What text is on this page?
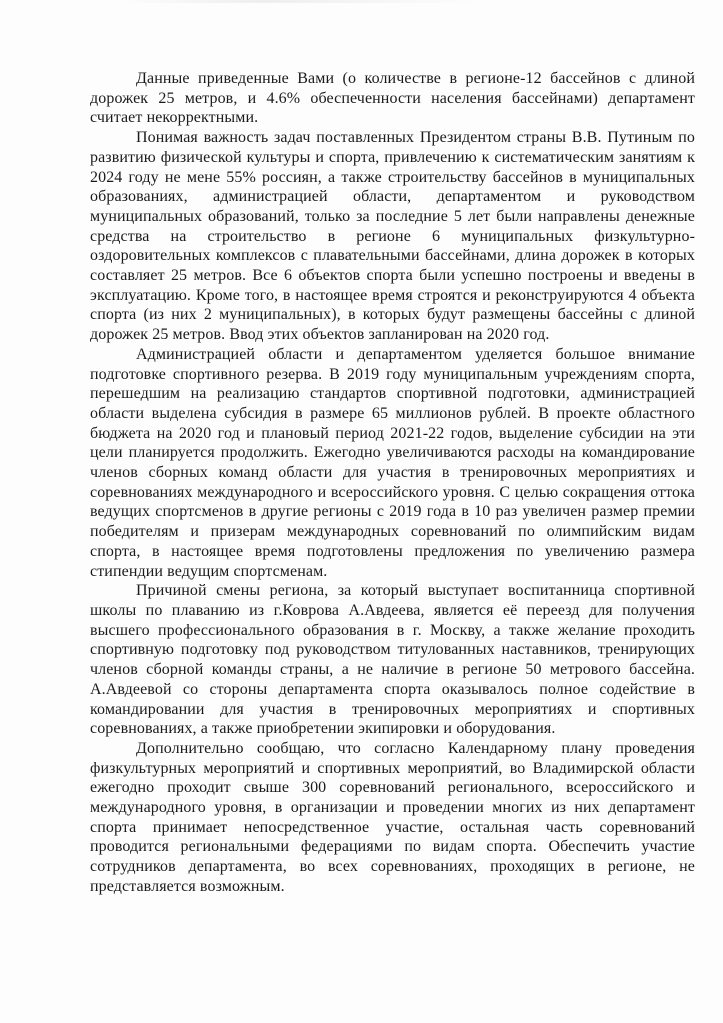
Данные приведенные Вами (о количестве в регионе-12 бассейнов с длиной дорожек 25 метров, и 4.6% обеспеченности населения бассейнами) департамент считает некорректными.

Понимая важность задач поставленных Президентом страны В.В. Путиным по развитию физической культуры и спорта, привлечению к систематическим занятиям к 2024 году не мене 55% россиян, а также строительству бассейнов в муниципальных образованиях, администрацией области, департаментом и руководством муниципальных образований, только за последние 5 лет были направлены денежные средства на строительство в регионе 6 муниципальных физкультурно-оздоровительных комплексов с плавательными бассейнами, длина дорожек в которых составляет 25 метров. Все 6 объектов спорта были успешно построены и введены в эксплуатацию. Кроме того, в настоящее время строятся и реконструируются 4 объекта спорта (из них 2 муниципальных), в которых будут размещены бассейны с длиной дорожек 25 метров. Ввод этих объектов запланирован на 2020 год.

Администрацией области и департаментом уделяется большое внимание подготовке спортивного резерва. В 2019 году муниципальным учреждениям спорта, перешедшим на реализацию стандартов спортивной подготовки, администрацией области выделена субсидия в размере 65 миллионов рублей. В проекте областного бюджета на 2020 год и плановый период 2021-22 годов, выделение субсидии на эти цели планируется продолжить. Ежегодно увеличиваются расходы на командирование членов сборных команд области для участия в тренировочных мероприятиях и соревнованиях международного и всероссийского уровня. С целью сокращения оттока ведущих спортсменов в другие регионы с 2019 года в 10 раз увеличен размер премии победителям и призерам международных соревнований по олимпийским видам спорта, в настоящее время подготовлены предложения по увеличению размера стипендии ведущим спортсменам.

Причиной смены региона, за который выступает воспитанница спортивной школы по плаванию из г.Коврова А.Авдеева, является её переезд для получения высшего профессионального образования в г. Москву, а также желание проходить спортивную подготовку под руководством титулованных наставников, тренирующих членов сборной команды страны, а не наличие в регионе 50 метрового бассейна. А.Авдеевой со стороны департамента спорта оказывалось полное содействие в командировании для участия в тренировочных мероприятиях и спортивных соревнованиях, а также приобретении экипировки и оборудования.

Дополнительно сообщаю, что согласно Календарному плану проведения физкультурных мероприятий и спортивных мероприятий, во Владимирской области ежегодно проходит свыше 300 соревнований регионального, всероссийского и международного уровня, в организации и проведении многих из них департамент спорта принимает непосредственное участие, остальная часть соревнований проводится региональными федерациями по видам спорта. Обеспечить участие сотрудников департамента, во всех соревнованиях, проходящих в регионе, не представляется возможным.
